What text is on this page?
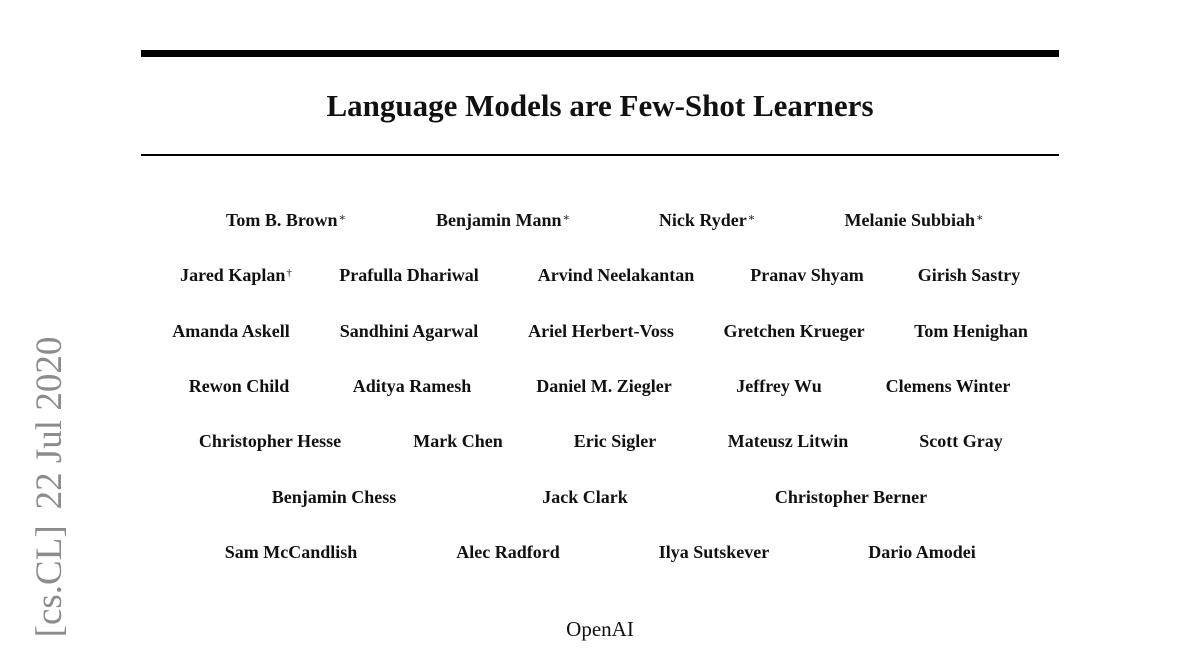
Language Models are Few-Shot Learners
Tom B. Brown∗	Benjamin Mann∗	Nick Ryder∗	Melanie Subbiah∗
Jared Kaplan†	Prafulla Dhariwal	Arvind Neelakantan	Pranav Shyam	Girish Sastry
Amanda Askell	Sandhini Agarwal	Ariel Herbert-Voss	Gretchen Krueger	Tom Henighan
Rewon Child	Aditya Ramesh	Daniel M. Ziegler	Jeffrey Wu	Clemens Winter
Christopher Hesse	Mark Chen	Eric Sigler	Mateusz Litwin	Scott Gray
Benjamin Chess	Jack Clark	Christopher Berner
Sam McCandlish	Alec Radford	Ilya Sutskever	Dario Amodei
OpenAI
[cs.CL]22 Jul 2020
